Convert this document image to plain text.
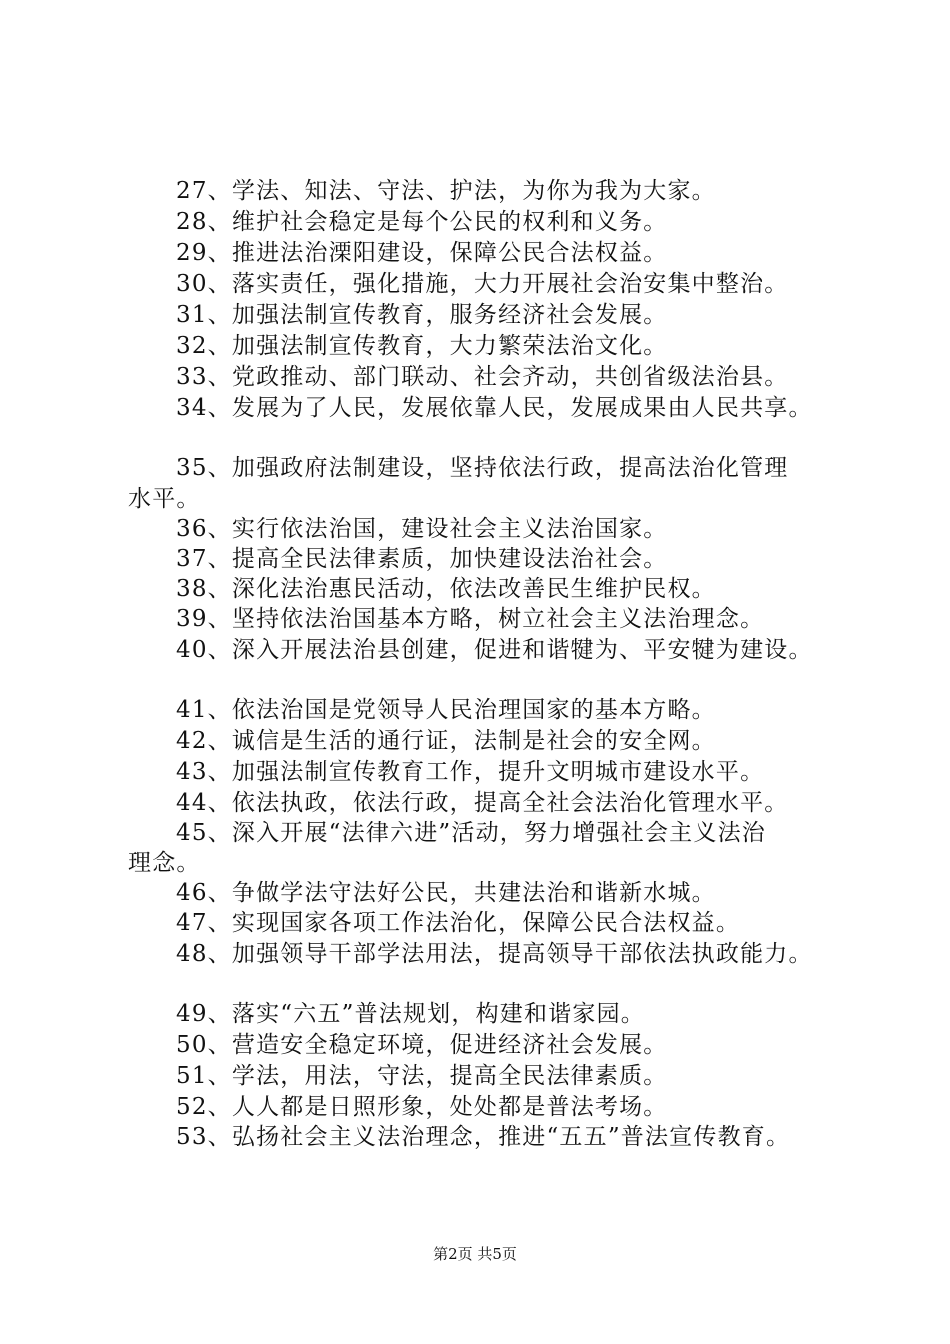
27、学法、知法、守法、护法，为你为我为大家。
28、维护社会稳定是每个公民的权利和义务。
29、推进法治溧阳建设，保障公民合法权益。
30、落实责任，强化措施，大力开展社会治安集中整治。
31、加强法制宣传教育，服务经济社会发展。
32、加强法制宣传教育，大力繁荣法治文化。
33、党政推动、部门联动、社会齐动，共创省级法治县。
34、发展为了人民，发展依靠人民，发展成果由人民共享。
35、加强政府法制建设，坚持依法行政，提高法治化管理
水平。
36、实行依法治国，建设社会主义法治国家。
37、提高全民法律素质，加快建设法治社会。
38、深化法治惠民活动，依法改善民生维护民权。
39、坚持依法治国基本方略，树立社会主义法治理念。
40、深入开展法治县创建，促进和谐犍为、平安犍为建设。
41、依法治国是党领导人民治理国家的基本方略。
42、诚信是生活的通行证，法制是社会的安全网。
43、加强法制宣传教育工作，提升文明城市建设水平。
44、依法执政，依法行政，提高全社会法治化管理水平。
45、深入开展“法律六进”活动，努力增强社会主义法治
理念。
46、争做学法守法好公民，共建法治和谐新水城。
47、实现国家各项工作法治化，保障公民合法权益。
48、加强领导干部学法用法，提高领导干部依法执政能力。
49、落实“六五”普法规划，构建和谐家园。
50、营造安全稳定环境，促进经济社会发展。
51、学法，用法，守法，提高全民法律素质。
52、人人都是日照形象，处处都是普法考场。
53、弘扬社会主义法治理念，推进“五五”普法宣传教育。
第2页 共5页
